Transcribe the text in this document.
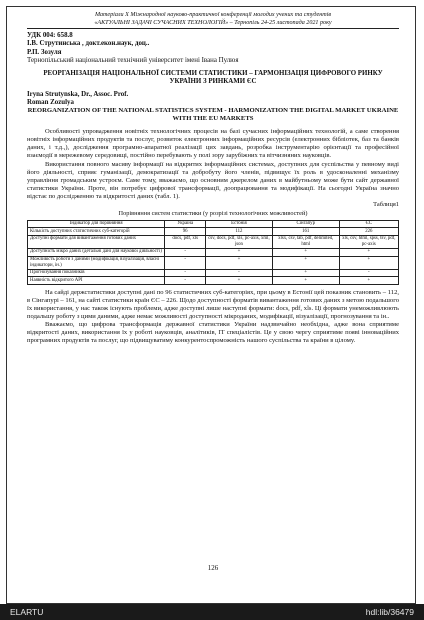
Матеріали X Міжнародної науково-практичної конференції молодих учених та студентів
«АКТУАЛЬНІ ЗАДАЧІ СУЧАСНИХ ТЕХНОЛОГІЙ» – Тернопіль 24-25 листопада 2021 року
УДК 004: 658.8
І.В. Струтинська , докт.екон.наук, доц..
Р.П. Зозуля
Тернопільський національний технічний університет імені Івана Пулюя
РЕОРГАНІЗАЦІЯ НАЦІОНАЛЬНОЇ СИСТЕМИ СТАТИСТИКИ – ГАРМОНІЗАЦІЯ ЦИФРОВОГО РИНКУ УКРАЇНИ З РИНКАМИ ЄС
Iryna Strutynska, Dr., Assoc. Prof.
Roman Zozulya
REORGANIZATION OF THE NATIONAL STATISTICS SYSTEM - HARMONIZATION THE DIGITAL MARKET UKRAINE WITH THE EU MARKETS

Особливості упровадження новітніх технологічних процесів на базі сучасних інформаційних технологій, а саме створення новітніх інформаційних продуктів та послуг, розвиток електронних інформаційних ресурсів (електронних бібліотек, баз та банків даних, і т.д.,), дослідження програмно-апаратної реалізації цих завдань, розробка інструментарію орієнтації та професійної взаємодії в мережевому середовищі, постійно перебувають у полі зору зарубіжних та вітчизняних науковців.

Використання повного масиву інформації на відкритих інформаційних системах, доступних для суспільства у певному виді його діяльності, сприяє гуманізації, демократизації та добробуту його членів, підвищує їх роль в удосконаленні механізму управління громадським устроєм. Саме тому, вважаємо, що основним джерелом даних в майбутньому може бути сайт державної статистики України. Проте, він потребує цифрової трансформації, доопрацювання та модифікації. На сьогодні Україна значно відстає по дослідженню та відкритості даних (табл. 1).

Таблиця1
Порівняння систем статистики (у розрізі технологічних можливостей)
Індикатор для порівняння	Україна	Естонія	Сінгапур	ЄС
Кількість доступних статистичних суб-категорій	96	112	161	226
Доступні формати для вивантаження готових даних	docs, pdf, xls	csv, docs, pdf, xls, pc-axis, xml, json	xlsx, csv, tab, pdf, delimited, html	xls, csv, html, spss, tsv, pdf, pc-axis
Доступність мікро даних (детальні дані для наукової діяльності)	-	+	+	+
Можливість роботи з даними (модифікація, візуалізація, власні індикатори, ін.)	-	+	+	+
Прогнозування показників	-	-	+	-
Наявність відкритого API	-	+	+	+

На сайді держстатистики доступні дані по 96 статистичних суб-категоріях, при цьому в Естонії цей показник становить – 112, в Сінгапурі – 161, на сайті статистики країн ЄС – 226. Щодо доступності форматів вивантаження готових даних з метою подальшого їх використання, у нас також існують проблеми, адже доступні лише наступні формати: docs, pdf, xls. Ці формати унеможливлюють подальшу роботу з цими даними, адже немає можливості доступності мікроданих, модифікації, візуалізації, прогнозування та ін..

Вважаємо, що цифрова трансформація державної статистики України надзвичайно необхідна, адже вона сприятиме відкритості даних, використання їх у роботі науковців, аналітиків, IT спеціалістів. Це у свою чергу сприятиме появі інноваційних програмних продуктів та послуг, що підвищуватиму конкурентоспроможність нашого суспільства та країни в цілому.

126
ELARTU	hdl:lib/36479
